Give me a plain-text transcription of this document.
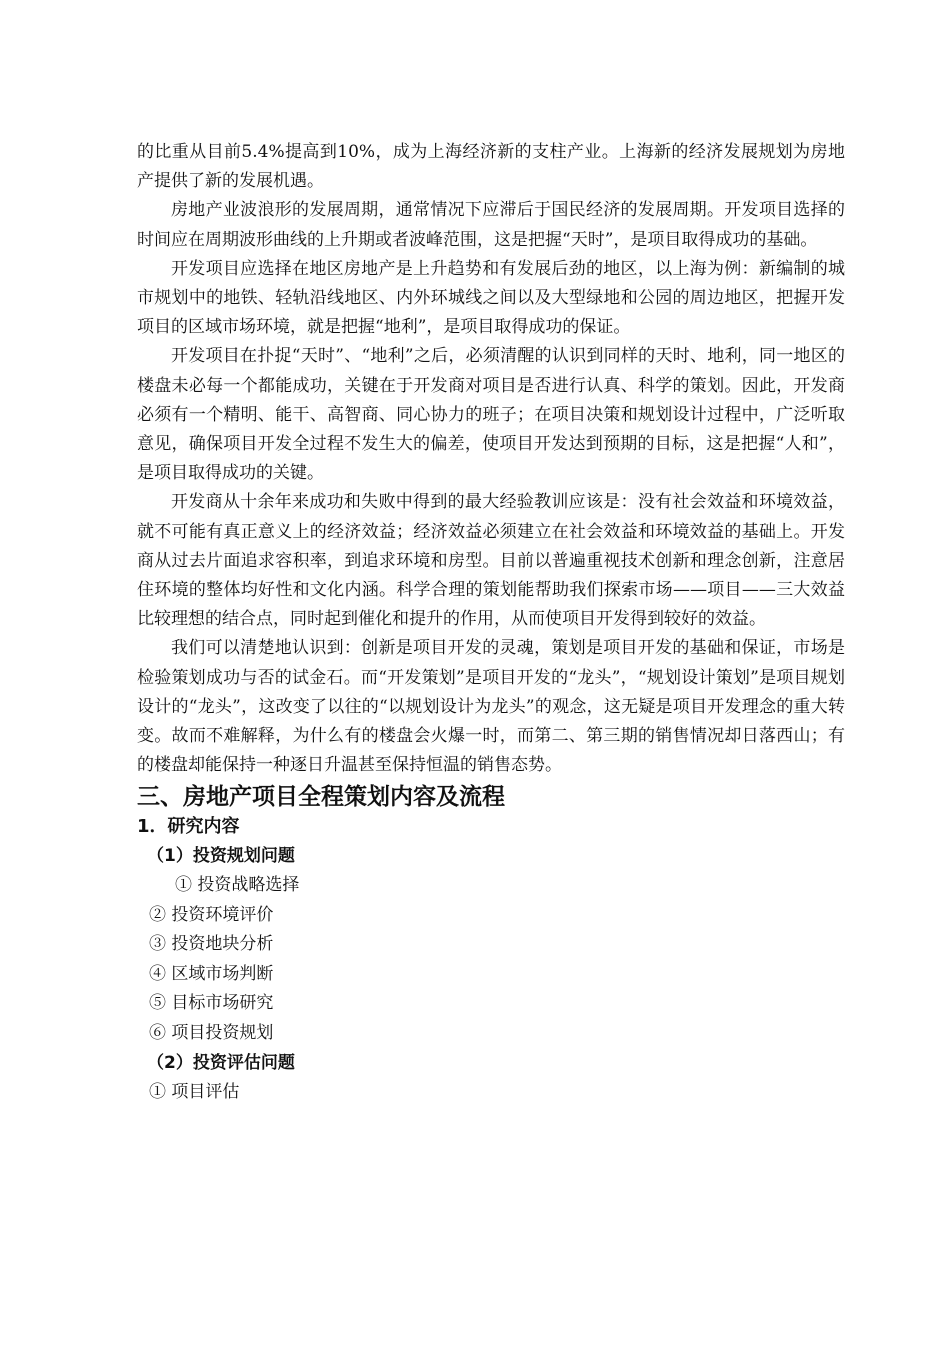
的比重从目前5.4%提高到10%，成为上海经济新的支柱产业。上海新的经济发展规划为房地产提供了新的发展机遇。

房地产业波浪形的发展周期，通常情况下应滞后于国民经济的发展周期。开发项目选择的时间应在周期波形曲线的上升期或者波峰范围，这是把握“天时”，是项目取得成功的基础。

开发项目应选择在地区房地产是上升趋势和有发展后劲的地区，以上海为例：新编制的城市规划中的地铁、轻轨沿线地区、内外环城线之间以及大型绿地和公园的周边地区，把握开发项目的区域市场环境，就是把握“地利”，是项目取得成功的保证。

开发项目在扑捉“天时”、“地利”之后，必须清醒的认识到同样的天时、地利，同一地区的楼盘未必每一个都能成功，关键在于开发商对项目是否进行认真、科学的策划。因此，开发商必须有一个精明、能干、高智商、同心协力的班子；在项目决策和规划设计过程中，广泛听取意见，确保项目开发全过程不发生大的偏差，使项目开发达到预期的目标，这是把握“人和”，是项目取得成功的关键。

开发商从十余年来成功和失败中得到的最大经验教训应该是：没有社会效益和环境效益，就不可能有真正意义上的经济效益；经济效益必须建立在社会效益和环境效益的基础上。开发商从过去片面追求容积率，到追求环境和房型。目前以普遍重视技术创新和理念创新，注意居住环境的整体均好性和文化内涵。科学合理的策划能帮助我们探索市场——项目——三大效益比较理想的结合点，同时起到催化和提升的作用，从而使项目开发得到较好的效益。

我们可以清楚地认识到：创新是项目开发的灵魂，策划是项目开发的基础和保证，市场是检验策划成功与否的试金石。而“开发策划”是项目开发的“龙头”，“规划设计策划”是项目规划设计的“龙头”，这改变了以往的“以规划设计为龙头”的观念，这无疑是项目开发理念的重大转变。故而不难解释，为什么有的楼盘会火爆一时，而第二、第三期的销售情况却日落西山；有的楼盘却能保持一种逐日升温甚至保持恒温的销售态势。

三、房地产项目全程策划内容及流程
1．研究内容

（1）投资规划问题

① 投资战略选择

② 投资环境评价

③ 投资地块分析

④ 区域市场判断

⑤ 目标市场研究

⑥ 项目投资规划

（2）投资评估问题

① 项目评估
